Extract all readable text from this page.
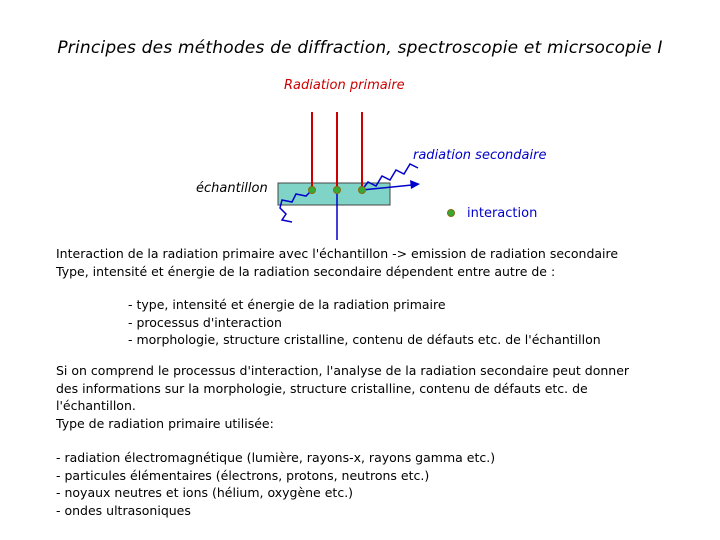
Principes des méthodes de diffraction, spectroscopie et micrsocopie I
Radiation primaire
radiation secondaire
échantillon
interaction

Interaction de la radiation primaire avec l'échantillon -> emission de radiation secondaire

Type, intensité et énergie de la radiation secondaire dépendent entre autre de :

- type, intensité et énergie de la radiation primaire

- processus d'interaction

- morphologie, structure cristalline, contenu de défauts etc. de l'échantillon

Si on comprend le processus d'interaction, l'analyse de la radiation secondaire peut donner

des informations sur la morphologie, structure cristalline, contenu de défauts etc. de

l'échantillon.

Type de radiation primaire utilisée:

- radiation électromagnétique (lumière, rayons-x, rayons gamma etc.)

- particules élémentaires (électrons, protons, neutrons etc.)

- noyaux neutres et ions (hélium, oxygène etc.)

- ondes ultrasoniques
